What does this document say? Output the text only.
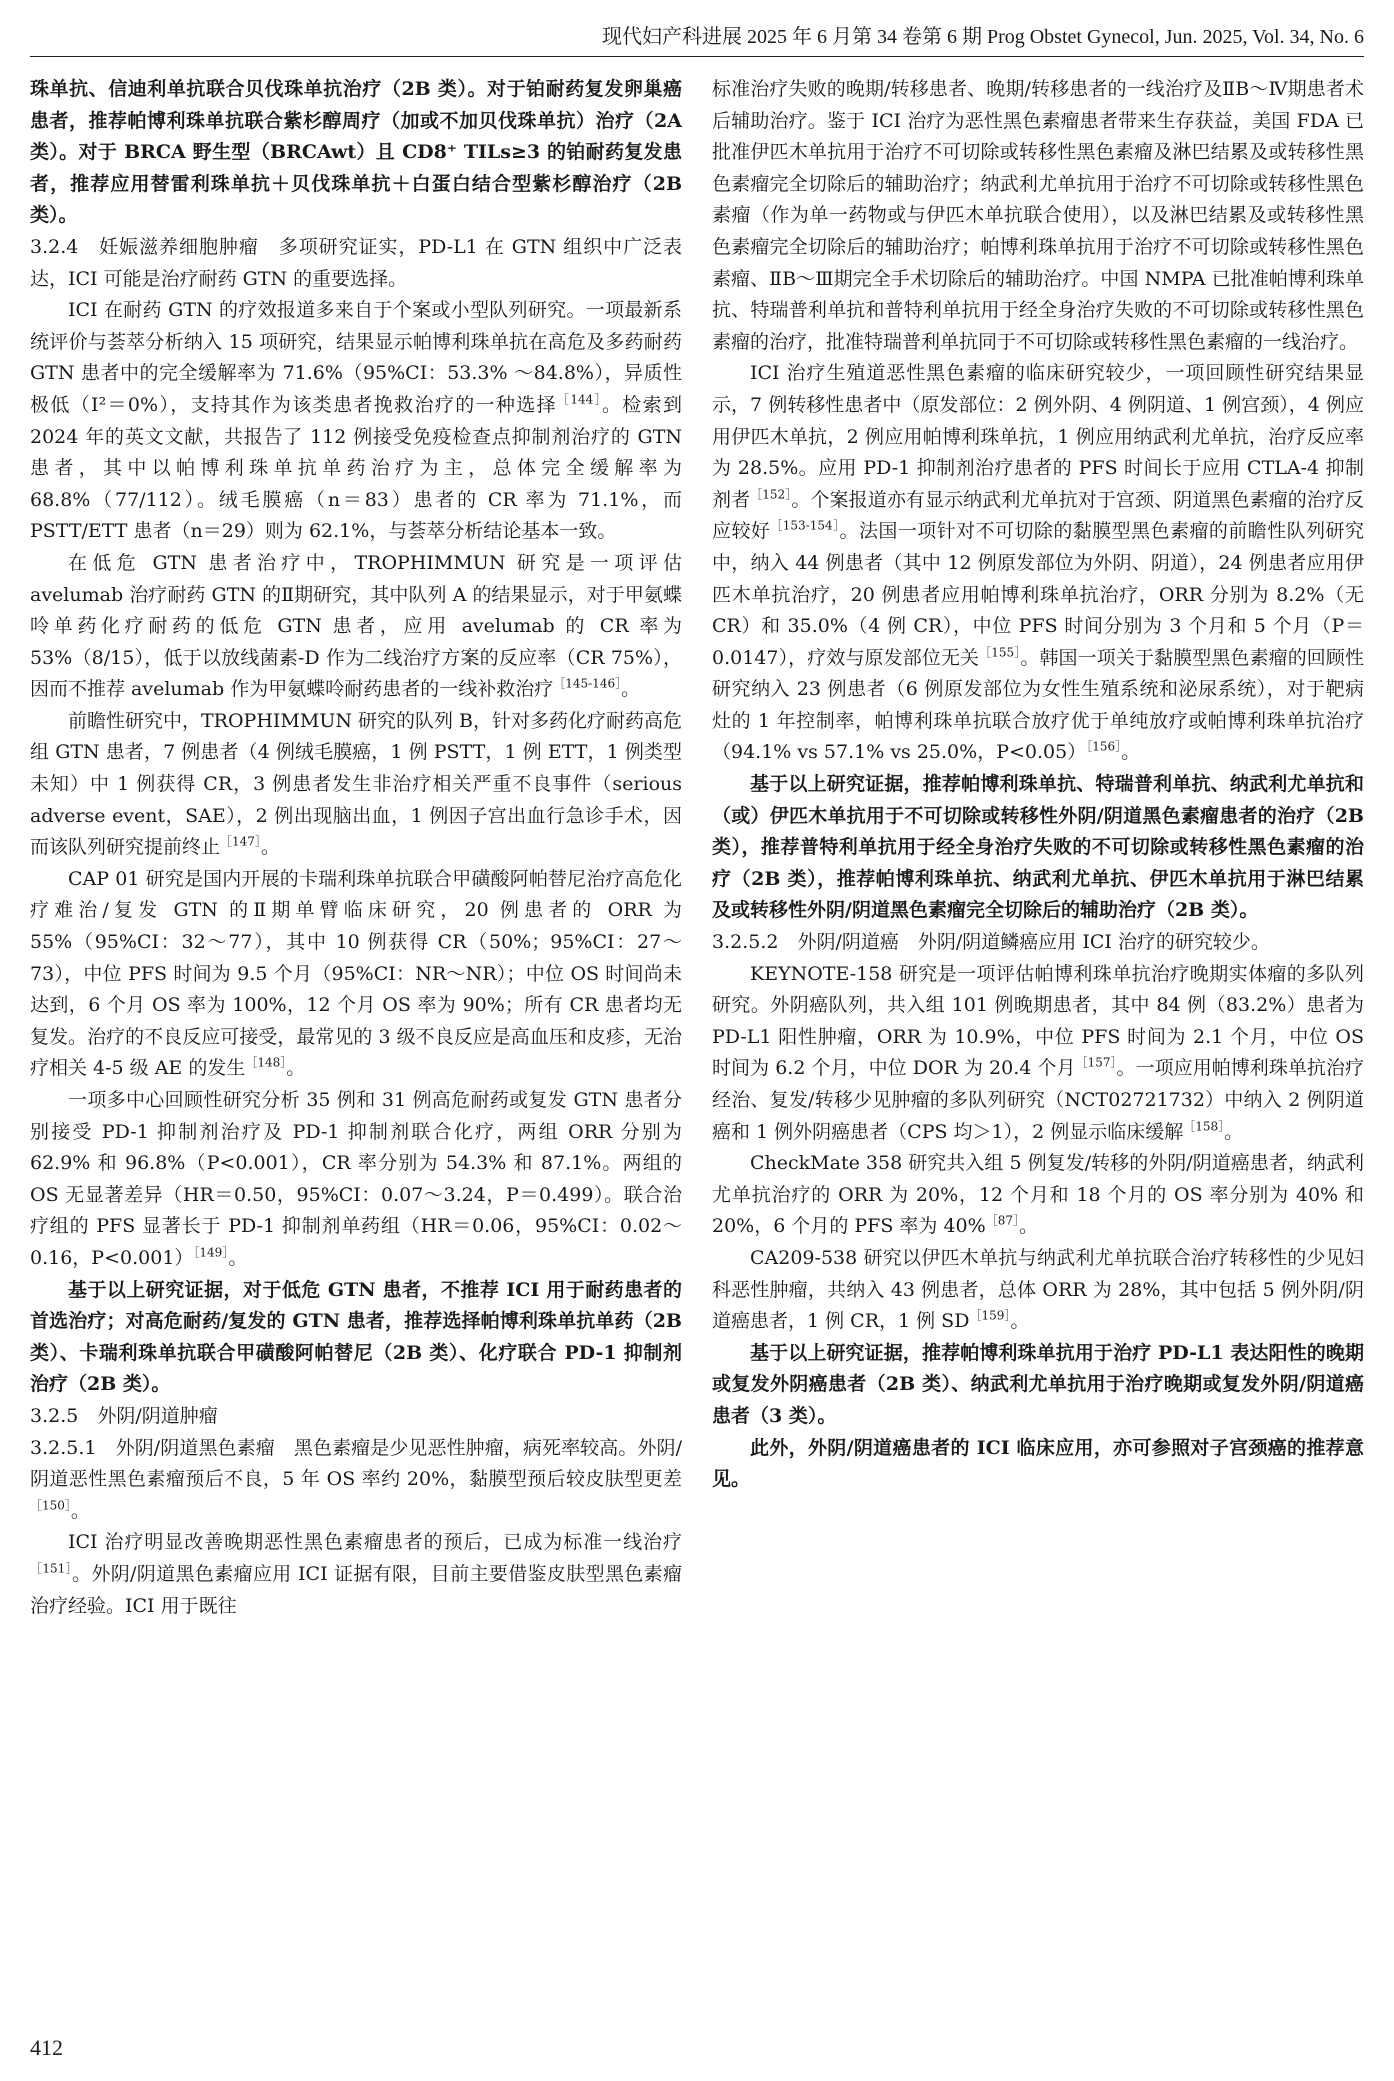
现代妇产科进展 2025 年 6 月第 34 卷第 6 期 Prog Obstet Gynecol, Jun. 2025, Vol. 34, No. 6

珠单抗、信迪利单抗联合贝伐珠单抗治疗（2B 类）。对于铂耐药复发卵巢癌患者，推荐帕博利珠单抗联合紫杉醇周疗（加或不加贝伐珠单抗）治疗（2A 类）。对于 BRCA 野生型（BRCAwt）且 CD8⁺ TILs≥3 的铂耐药复发患者，推荐应用替雷利珠单抗＋贝伐珠单抗＋白蛋白结合型紫杉醇治疗（2B 类）。

3.2.4　妊娠滋养细胞肿瘤　多项研究证实，PD-L1 在 GTN 组织中广泛表达，ICI 可能是治疗耐药 GTN 的重要选择。

ICI 在耐药 GTN 的疗效报道多来自于个案或小型队列研究。一项最新系统评价与荟萃分析纳入 15 项研究，结果显示帕博利珠单抗在高危及多药耐药 GTN 患者中的完全缓解率为 71.6%（95%CI：53.3% ～84.8%），异质性极低（I²＝0%），支持其作为该类患者挽救治疗的一种选择$^{[144]}$。检索到 2024 年的英文文献，共报告了 112 例接受免疫检查点抑制剂治疗的 GTN 患者，其中以帕博利珠单抗单药治疗为主，总体完全缓解率为 68.8%（77/112）。绒毛膜癌（n＝83）患者的 CR 率为 71.1%，而 PSTT/ETT 患者（n＝29）则为 62.1%，与荟萃分析结论基本一致。

在低危 GTN 患者治疗中，TROPHIMMUN 研究是一项评估 avelumab 治疗耐药 GTN 的Ⅱ期研究，其中队列 A 的结果显示，对于甲氨蝶呤单药化疗耐药的低危 GTN 患者，应用 avelumab 的 CR 率为 53%（8/15），低于以放线菌素-D 作为二线治疗方案的反应率（CR 75%），因而不推荐 avelumab 作为甲氨蝶呤耐药患者的一线补救治疗$^{[145-146]}$。

前瞻性研究中，TROPHIMMUN 研究的队列 B，针对多药化疗耐药高危组 GTN 患者，7 例患者（4 例绒毛膜癌，1 例 PSTT，1 例 ETT，1 例类型未知）中 1 例获得 CR，3 例患者发生非治疗相关严重不良事件（serious adverse event，SAE），2 例出现脑出血，1 例因子宫出血行急诊手术，因而该队列研究提前终止$^{[147]}$。

CAP 01 研究是国内开展的卡瑞利珠单抗联合甲磺酸阿帕替尼治疗高危化疗难治/复发 GTN 的Ⅱ期单臂临床研究，20 例患者的 ORR 为 55%（95%CI：32～77），其中 10 例获得 CR（50%；95%CI：27～73），中位 PFS 时间为 9.5 个月（95%CI：NR～NR）；中位 OS 时间尚未达到，6 个月 OS 率为 100%，12 个月 OS 率为 90%；所有 CR 患者均无复发。治疗的不良反应可接受，最常见的 3 级不良反应是高血压和皮疹，无治疗相关 4-5 级 AE 的发生$^{[148]}$。

一项多中心回顾性研究分析 35 例和 31 例高危耐药或复发 GTN 患者分别接受 PD-1 抑制剂治疗及 PD-1 抑制剂联合化疗，两组 ORR 分别为 62.9% 和 96.8%（P<0.001），CR 率分别为 54.3% 和 87.1%。两组的 OS 无显著差异（HR＝0.50，95%CI：0.07～3.24，P＝0.499）。联合治疗组的 PFS 显著长于 PD-1 抑制剂单药组（HR＝0.06，95%CI：0.02～0.16，P<0.001）$^{[149]}$。

基于以上研究证据，对于低危 GTN 患者，不推荐 ICI 用于耐药患者的首选治疗；对高危耐药/复发的 GTN 患者，推荐选择帕博利珠单抗单药（2B 类）、卡瑞利珠单抗联合甲磺酸阿帕替尼（2B 类）、化疗联合 PD-1 抑制剂治疗（2B 类）。

3.2.5　外阴/阴道肿瘤

3.2.5.1　外阴/阴道黑色素瘤　黑色素瘤是少见恶性肿瘤，病死率较高。外阴/阴道恶性黑色素瘤预后不良，5 年 OS 率约 20%，黏膜型预后较皮肤型更差$^{[150]}$。

ICI 治疗明显改善晚期恶性黑色素瘤患者的预后，已成为标准一线治疗$^{[151]}$。外阴/阴道黑色素瘤应用 ICI 证据有限，目前主要借鉴皮肤型黑色素瘤治疗经验。ICI 用于既往

标准治疗失败的晚期/转移患者、晚期/转移患者的一线治疗及ⅡB～Ⅳ期患者术后辅助治疗。鉴于 ICI 治疗为恶性黑色素瘤患者带来生存获益，美国 FDA 已批准伊匹木单抗用于治疗不可切除或转移性黑色素瘤及淋巴结累及或转移性黑色素瘤完全切除后的辅助治疗；纳武利尤单抗用于治疗不可切除或转移性黑色素瘤（作为单一药物或与伊匹木单抗联合使用），以及淋巴结累及或转移性黑色素瘤完全切除后的辅助治疗；帕博利珠单抗用于治疗不可切除或转移性黑色素瘤、ⅡB～Ⅲ期完全手术切除后的辅助治疗。中国 NMPA 已批准帕博利珠单抗、特瑞普利单抗和普特利单抗用于经全身治疗失败的不可切除或转移性黑色素瘤的治疗，批准特瑞普利单抗同于不可切除或转移性黑色素瘤的一线治疗。

ICI 治疗生殖道恶性黑色素瘤的临床研究较少，一项回顾性研究结果显示，7 例转移性患者中（原发部位：2 例外阴、4 例阴道、1 例宫颈），4 例应用伊匹木单抗，2 例应用帕博利珠单抗，1 例应用纳武利尤单抗，治疗反应率为 28.5%。应用 PD-1 抑制剂治疗患者的 PFS 时间长于应用 CTLA-4 抑制剂者$^{[152]}$。个案报道亦有显示纳武利尤单抗对于宫颈、阴道黑色素瘤的治疗反应较好$^{[153-154]}$。法国一项针对不可切除的黏膜型黑色素瘤的前瞻性队列研究中，纳入 44 例患者（其中 12 例原发部位为外阴、阴道），24 例患者应用伊匹木单抗治疗，20 例患者应用帕博利珠单抗治疗，ORR 分别为 8.2%（无 CR）和 35.0%（4 例 CR），中位 PFS 时间分别为 3 个月和 5 个月（P＝0.0147），疗效与原发部位无关$^{[155]}$。韩国一项关于黏膜型黑色素瘤的回顾性研究纳入 23 例患者（6 例原发部位为女性生殖系统和泌尿系统），对于靶病灶的 1 年控制率，帕博利珠单抗联合放疗优于单纯放疗或帕博利珠单抗治疗（94.1% vs 57.1% vs 25.0%，P<0.05）$^{[156]}$。

基于以上研究证据，推荐帕博利珠单抗、特瑞普利单抗、纳武利尤单抗和（或）伊匹木单抗用于不可切除或转移性外阴/阴道黑色素瘤患者的治疗（2B 类），推荐普特利单抗用于经全身治疗失败的不可切除或转移性黑色素瘤的治疗（2B 类），推荐帕博利珠单抗、纳武利尤单抗、伊匹木单抗用于淋巴结累及或转移性外阴/阴道黑色素瘤完全切除后的辅助治疗（2B 类）。

3.2.5.2　外阴/阴道癌　外阴/阴道鳞癌应用 ICI 治疗的研究较少。

KEYNOTE-158 研究是一项评估帕博利珠单抗治疗晚期实体瘤的多队列研究。外阴癌队列，共入组 101 例晚期患者，其中 84 例（83.2%）患者为 PD-L1 阳性肿瘤，ORR 为 10.9%，中位 PFS 时间为 2.1 个月，中位 OS 时间为 6.2 个月，中位 DOR 为 20.4 个月$^{[157]}$。一项应用帕博利珠单抗治疗经治、复发/转移少见肿瘤的多队列研究（NCT02721732）中纳入 2 例阴道癌和 1 例外阴癌患者（CPS 均＞1），2 例显示临床缓解$^{[158]}$。

CheckMate 358 研究共入组 5 例复发/转移的外阴/阴道癌患者，纳武利尤单抗治疗的 ORR 为 20%，12 个月和 18 个月的 OS 率分别为 40% 和 20%，6 个月的 PFS 率为 40%$^{[87]}$。

CA209-538 研究以伊匹木单抗与纳武利尤单抗联合治疗转移性的少见妇科恶性肿瘤，共纳入 43 例患者，总体 ORR 为 28%，其中包括 5 例外阴/阴道癌患者，1 例 CR，1 例 $SD^{[159]}$。

基于以上研究证据，推荐帕博利珠单抗用于治疗 PD-L1 表达阳性的晚期或复发外阴癌患者（2B 类）、纳武利尤单抗用于治疗晚期或复发外阴/阴道癌患者（3 类）。

此外，外阴/阴道癌患者的 ICI 临床应用，亦可参照对子宫颈癌的推荐意见。

412
